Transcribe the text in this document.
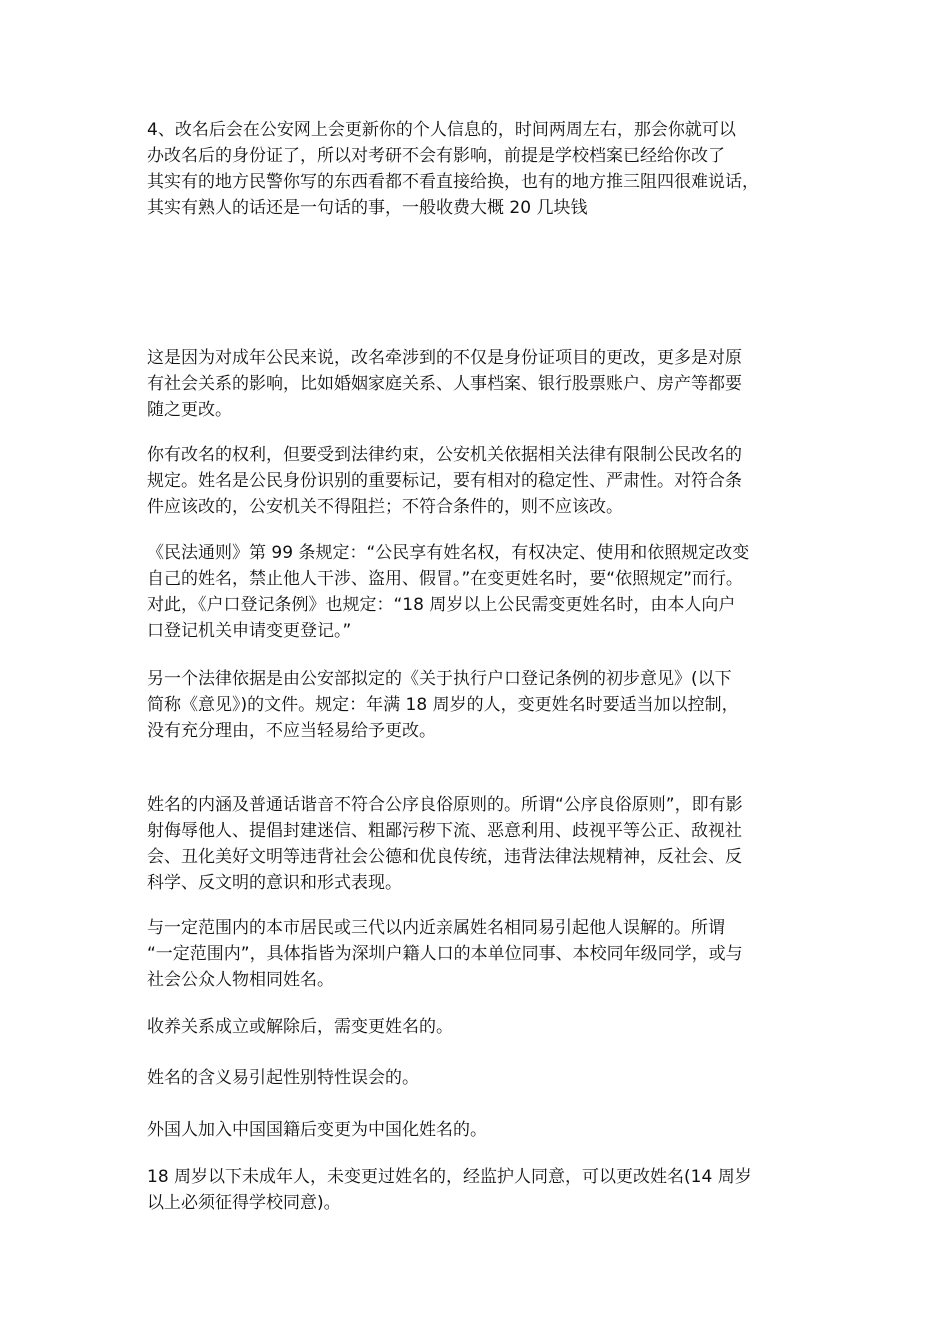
4、改名后会在公安网上会更新你的个人信息的，时间两周左右，那会你就可以
办改名后的身份证了，所以对考研不会有影响，前提是学校档案已经给你改了
其实有的地方民警你写的东西看都不看直接给换，也有的地方推三阻四很难说话，
其实有熟人的话还是一句话的事，一般收费大概 20 几块钱

这是因为对成年公民来说，改名牵涉到的不仅是身份证项目的更改，更多是对原
有社会关系的影响，比如婚姻家庭关系、人事档案、银行股票账户、房产等都要
随之更改。

你有改名的权利，但要受到法律约束，公安机关依据相关法律有限制公民改名的
规定。姓名是公民身份识别的重要标记，要有相对的稳定性、严肃性。对符合条
件应该改的，公安机关不得阻拦；不符合条件的，则不应该改。

《民法通则》第 99 条规定：“公民享有姓名权，有权决定、使用和依照规定改变
自己的姓名，禁止他人干涉、盗用、假冒。”在变更姓名时，要“依照规定”而行。
对此，《户口登记条例》也规定：“18 周岁以上公民需变更姓名时，由本人向户
口登记机关申请变更登记。”

另一个法律依据是由公安部拟定的《关于执行户口登记条例的初步意见》(以下
简称《意见》)的文件。规定：年满 18 周岁的人，变更姓名时要适当加以控制，
没有充分理由，不应当轻易给予更改。

姓名的内涵及普通话谐音不符合公序良俗原则的。所谓“公序良俗原则”，即有影
射侮辱他人、提倡封建迷信、粗鄙污秽下流、恶意利用、歧视平等公正、敌视社
会、丑化美好文明等违背社会公德和优良传统，违背法律法规精神，反社会、反
科学、反文明的意识和形式表现。

与一定范围内的本市居民或三代以内近亲属姓名相同易引起他人误解的。所谓
“一定范围内”，具体指皆为深圳户籍人口的本单位同事、本校同年级同学，或与
社会公众人物相同姓名。

收养关系成立或解除后，需变更姓名的。

姓名的含义易引起性别特性误会的。

外国人加入中国国籍后变更为中国化姓名的。

18 周岁以下未成年人，未变更过姓名的，经监护人同意，可以更改姓名(14 周岁
以上必须征得学校同意)。
